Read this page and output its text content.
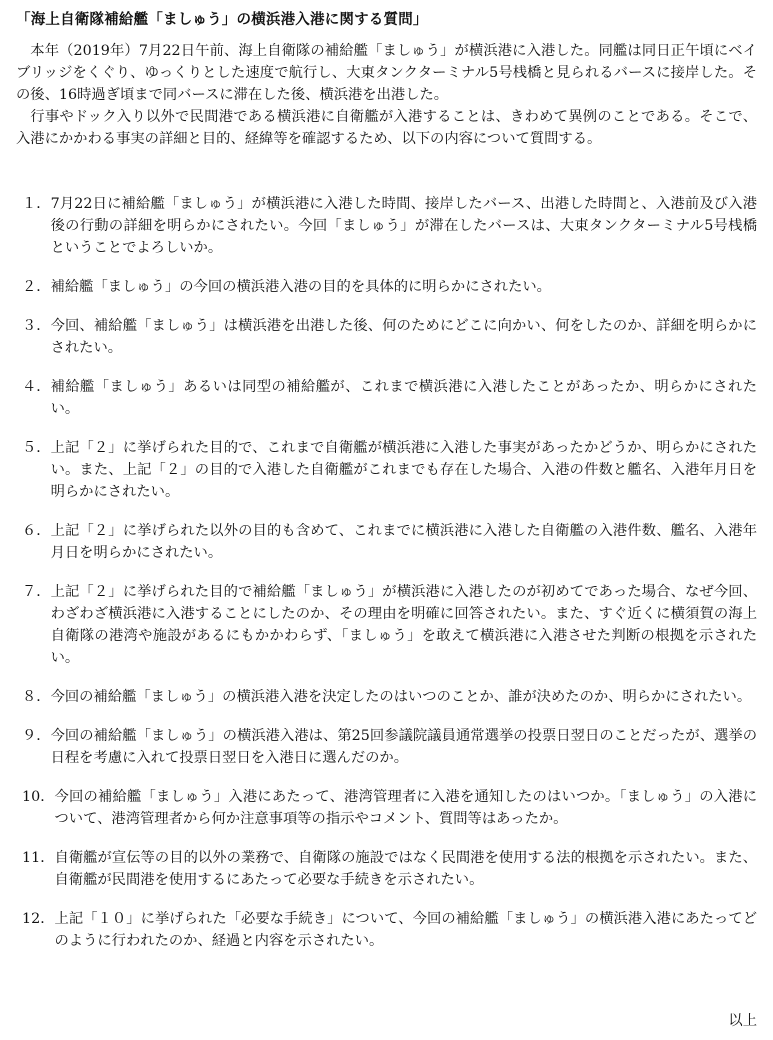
「海上自衛隊補給艦「ましゅう」の横浜港入港に関する質問」

本年（2019年）7月22日午前、海上自衛隊の補給艦「ましゅう」が横浜港に入港した。同艦は同日正午頃にベイブリッジをくぐり、ゆっくりとした速度で航行し、大東タンクターミナル5号桟橋と見られるバースに接岸した。その後、16時過ぎ頃まで同バースに滞在した後、横浜港を出港した。

行事やドック入り以外で民間港である横浜港に自衛艦が入港することは、きわめて異例のことである。そこで、入港にかかわる事実の詳細と目的、経緯等を確認するため、以下の内容について質問する。

１． 7月22日に補給艦「ましゅう」が横浜港に入港した時間、接岸したバース、出港した時間と、入港前及び入港後の行動の詳細を明らかにされたい。今回「ましゅう」が滞在したバースは、大東タンクターミナル5号桟橋ということでよろしいか。
２． 補給艦「ましゅう」の今回の横浜港入港の目的を具体的に明らかにされたい。
３． 今回、補給艦「ましゅう」は横浜港を出港した後、何のためにどこに向かい、何をしたのか、詳細を明らかにされたい。
４． 補給艦「ましゅう」あるいは同型の補給艦が、これまで横浜港に入港したことがあったか、明らかにされたい。
５． 上記「２」に挙げられた目的で、これまで自衛艦が横浜港に入港した事実があったかどうか、明らかにされたい。また、上記「２」の目的で入港した自衛艦がこれまでも存在した場合、入港の件数と艦名、入港年月日を明らかにされたい。
６． 上記「２」に挙げられた以外の目的も含めて、これまでに横浜港に入港した自衛艦の入港件数、艦名、入港年月日を明らかにされたい。
７． 上記「２」に挙げられた目的で補給艦「ましゅう」が横浜港に入港したのが初めてであった場合、なぜ今回、わざわざ横浜港に入港することにしたのか、その理由を明確に回答されたい。また、すぐ近くに横須賀の海上自衛隊の港湾や施設があるにもかかわらず、「ましゅう」を敢えて横浜港に入港させた判断の根拠を示されたい。
８． 今回の補給艦「ましゅう」の横浜港入港を決定したのはいつのことか、誰が決めたのか、明らかにされたい。
９． 今回の補給艦「ましゅう」の横浜港入港は、第25回参議院議員通常選挙の投票日翌日のことだったが、選挙の日程を考慮に入れて投票日翌日を入港日に選んだのか。
10． 今回の補給艦「ましゅう」入港にあたって、港湾管理者に入港を通知したのはいつか。「ましゅう」の入港について、港湾管理者から何か注意事項等の指示やコメント、質問等はあったか。
11． 自衛艦が宣伝等の目的以外の業務で、自衛隊の施設ではなく民間港を使用する法的根拠を示されたい。また、自衛艦が民間港を使用するにあたって必要な手続きを示されたい。
12． 上記「１０」に挙げられた「必要な手続き」について、今回の補給艦「ましゅう」の横浜港入港にあたってどのように行われたのか、経過と内容を示されたい。
以上
